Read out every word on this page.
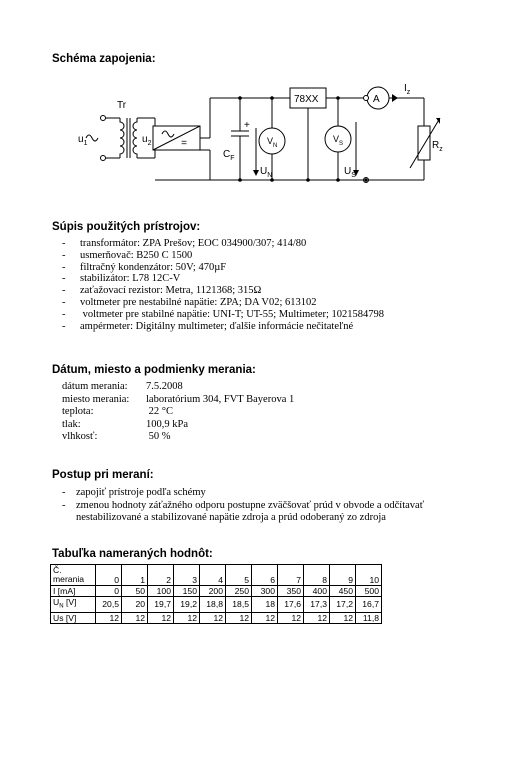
Schéma zapojenia:
=
Tr
$u_1$	$u_2$
+
$C_F$
$V_N$
$U_N$
78XX
$V_S$
$U_S$
A
$I_z$
$R_z$
Súpis použitých prístrojov:
- transformátor: ZPA Prešov; EOC 034900/307; 414/80
- usmerňovač: B250 C 1500
- filtračný kondenzátor: 50V; 470µF
- stabilizátor: L78 12C-V
- zaťažovací rezistor: Metra, 1121368; 315Ω
- voltmeter pre nestabilné napätie: ZPA; DA V02; 613102
- voltmeter pre stabilné napätie: UNI-T; UT-55; Multimeter; 1021584798
- ampérmeter: Digitálny multimeter; ďalšie informácie nečitateľné
Dátum, miesto a podmienky merania:
dátum merania:	7.5.2008
miesto merania:	laboratórium 304, FVT Bayerova 1
teplota:	22 °C
tlak:	100,9 kPa
vlhkosť:	50 %
Postup pri meraní:
- zapojiť prístroje podľa schémy
- zmenou hodnoty záťažného odporu postupne zväčšovať prúd v obvode a odčítavať nestabilizované a stabilizované napätie zdroja a prúd odoberaný zo zdroja
Tabuľka nameraných hodnôt:
Č.
merania	0	1	2	3	4	5	6	7	8	9	10
I [mA]	0	50	100	150	200	250	300	350	400	450	500
$U_N$ [V]	20,5	20	19,7	19,2	18,8	18,5	18	17,6	17,3	17,2	16,7
Us [V]	12	12	12	12	12	12	12	12	12	12	11,8
